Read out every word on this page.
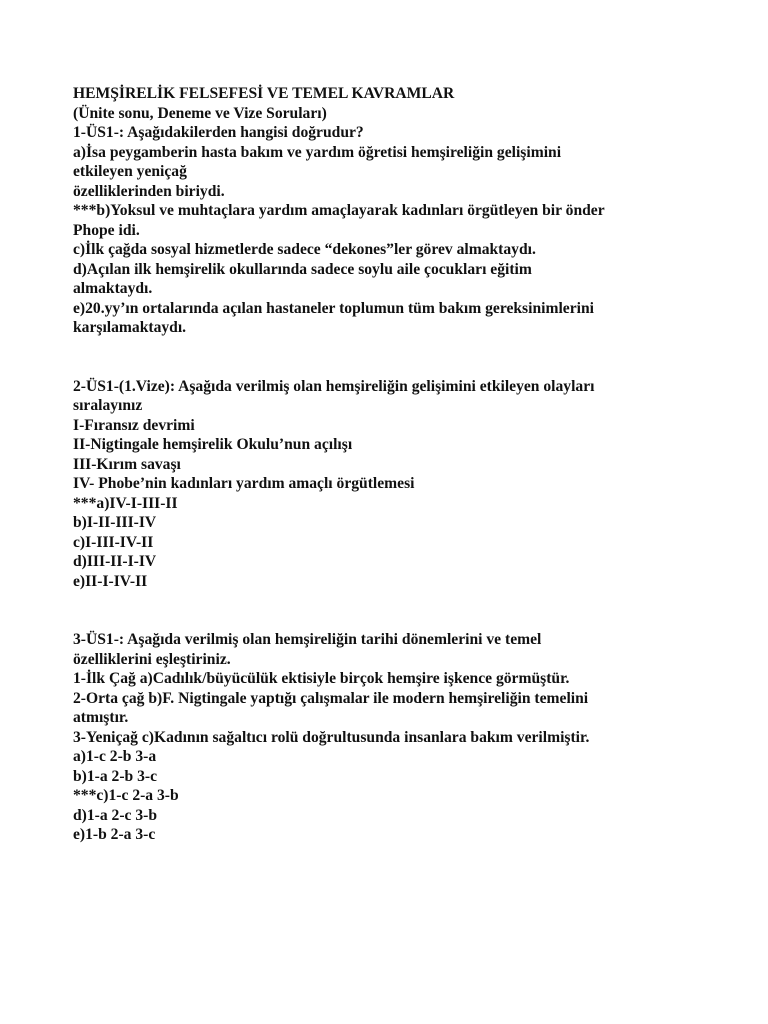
HEMŞİRELİK FELSEFESİ VE TEMEL KAVRAMLAR
(Ünite sonu, Deneme ve Vize Soruları)
1-ÜS1-: Aşağıdakilerden hangisi doğrudur?
a)İsa peygamberin hasta bakım ve yardım öğretisi hemşireliğin gelişimini
etkileyen yeniçağ
özelliklerinden biriydi.
***b)Yoksul ve muhtaçlara yardım amaçlayarak kadınları örgütleyen bir önder
Phope idi.
c)İlk çağda sosyal hizmetlerde sadece “dekones”ler görev almaktaydı.
d)Açılan ilk hemşirelik okullarında sadece soylu aile çocukları eğitim
almaktaydı.
e)20.yy’ın ortalarında açılan hastaneler toplumun tüm bakım gereksinimlerini
karşılamaktaydı.
2-ÜS1-(1.Vize): Aşağıda verilmiş olan hemşireliğin gelişimini etkileyen olayları
sıralayınız
I-Fıransız devrimi
II-Nigtingale hemşirelik Okulu’nun açılışı
III-Kırım savaşı
IV- Phobe’nin kadınları yardım amaçlı örgütlemesi
***a)IV-I-III-II
b)I-II-III-IV
c)I-III-IV-II
d)III-II-I-IV
e)II-I-IV-II
3-ÜS1-: Aşağıda verilmiş olan hemşireliğin tarihi dönemlerini ve temel
özelliklerini eşleştiriniz.
1-İlk Çağ a)Cadılık/büyücülük ektisiyle birçok hemşire işkence görmüştür.
2-Orta çağ b)F. Nigtingale yaptığı çalışmalar ile modern hemşireliğin temelini
atmıştır.
3-Yeniçağ c)Kadının sağaltıcı rolü doğrultusunda insanlara bakım verilmiştir.
a)1-c 2-b 3-a
b)1-a 2-b 3-c
***c)1-c 2-a 3-b
d)1-a 2-c 3-b
e)1-b 2-a 3-c
